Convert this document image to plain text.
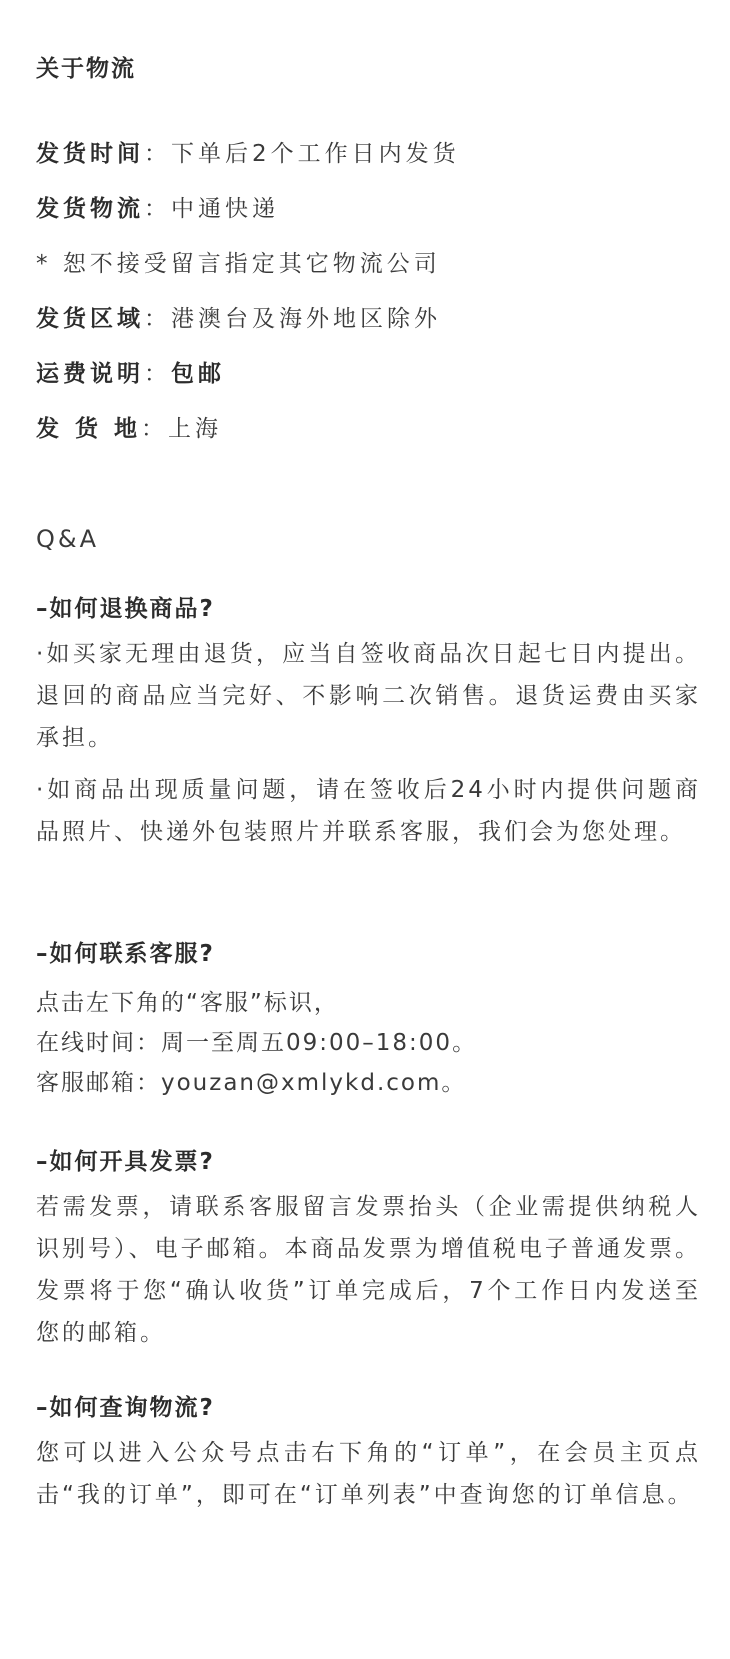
关于物流
发货时间：下单后2个工作日内发货
发货物流：中通快递
* 恕不接受留言指定其它物流公司
发货区域：港澳台及海外地区除外
运费说明：包邮
发 货 地：上海
Q&A
–如何退换商品?
·如买家无理由退货，应当自签收商品次日起七日内提出。退回的商品应当完好、不影响二次销售。退货运费由买家承担。
·如商品出现质量问题，请在签收后24小时内提供问题商品照片、快递外包装照片并联系客服，我们会为您处理。
–如何联系客服?
点击左下角的“客服”标识，
在线时间：周一至周五09:00–18:00。
客服邮箱：youzan@xmlykd.com。
–如何开具发票?
若需发票，请联系客服留言发票抬头（企业需提供纳税人识别号）、电子邮箱。本商品发票为增值税电子普通发票。发票将于您“确认收货”订单完成后，7个工作日内发送至您的邮箱。
–如何查询物流?
您可以进入公众号点击右下角的“订单”，在会员主页点击“我的订单”，即可在“订单列表”中查询您的订单信息。
